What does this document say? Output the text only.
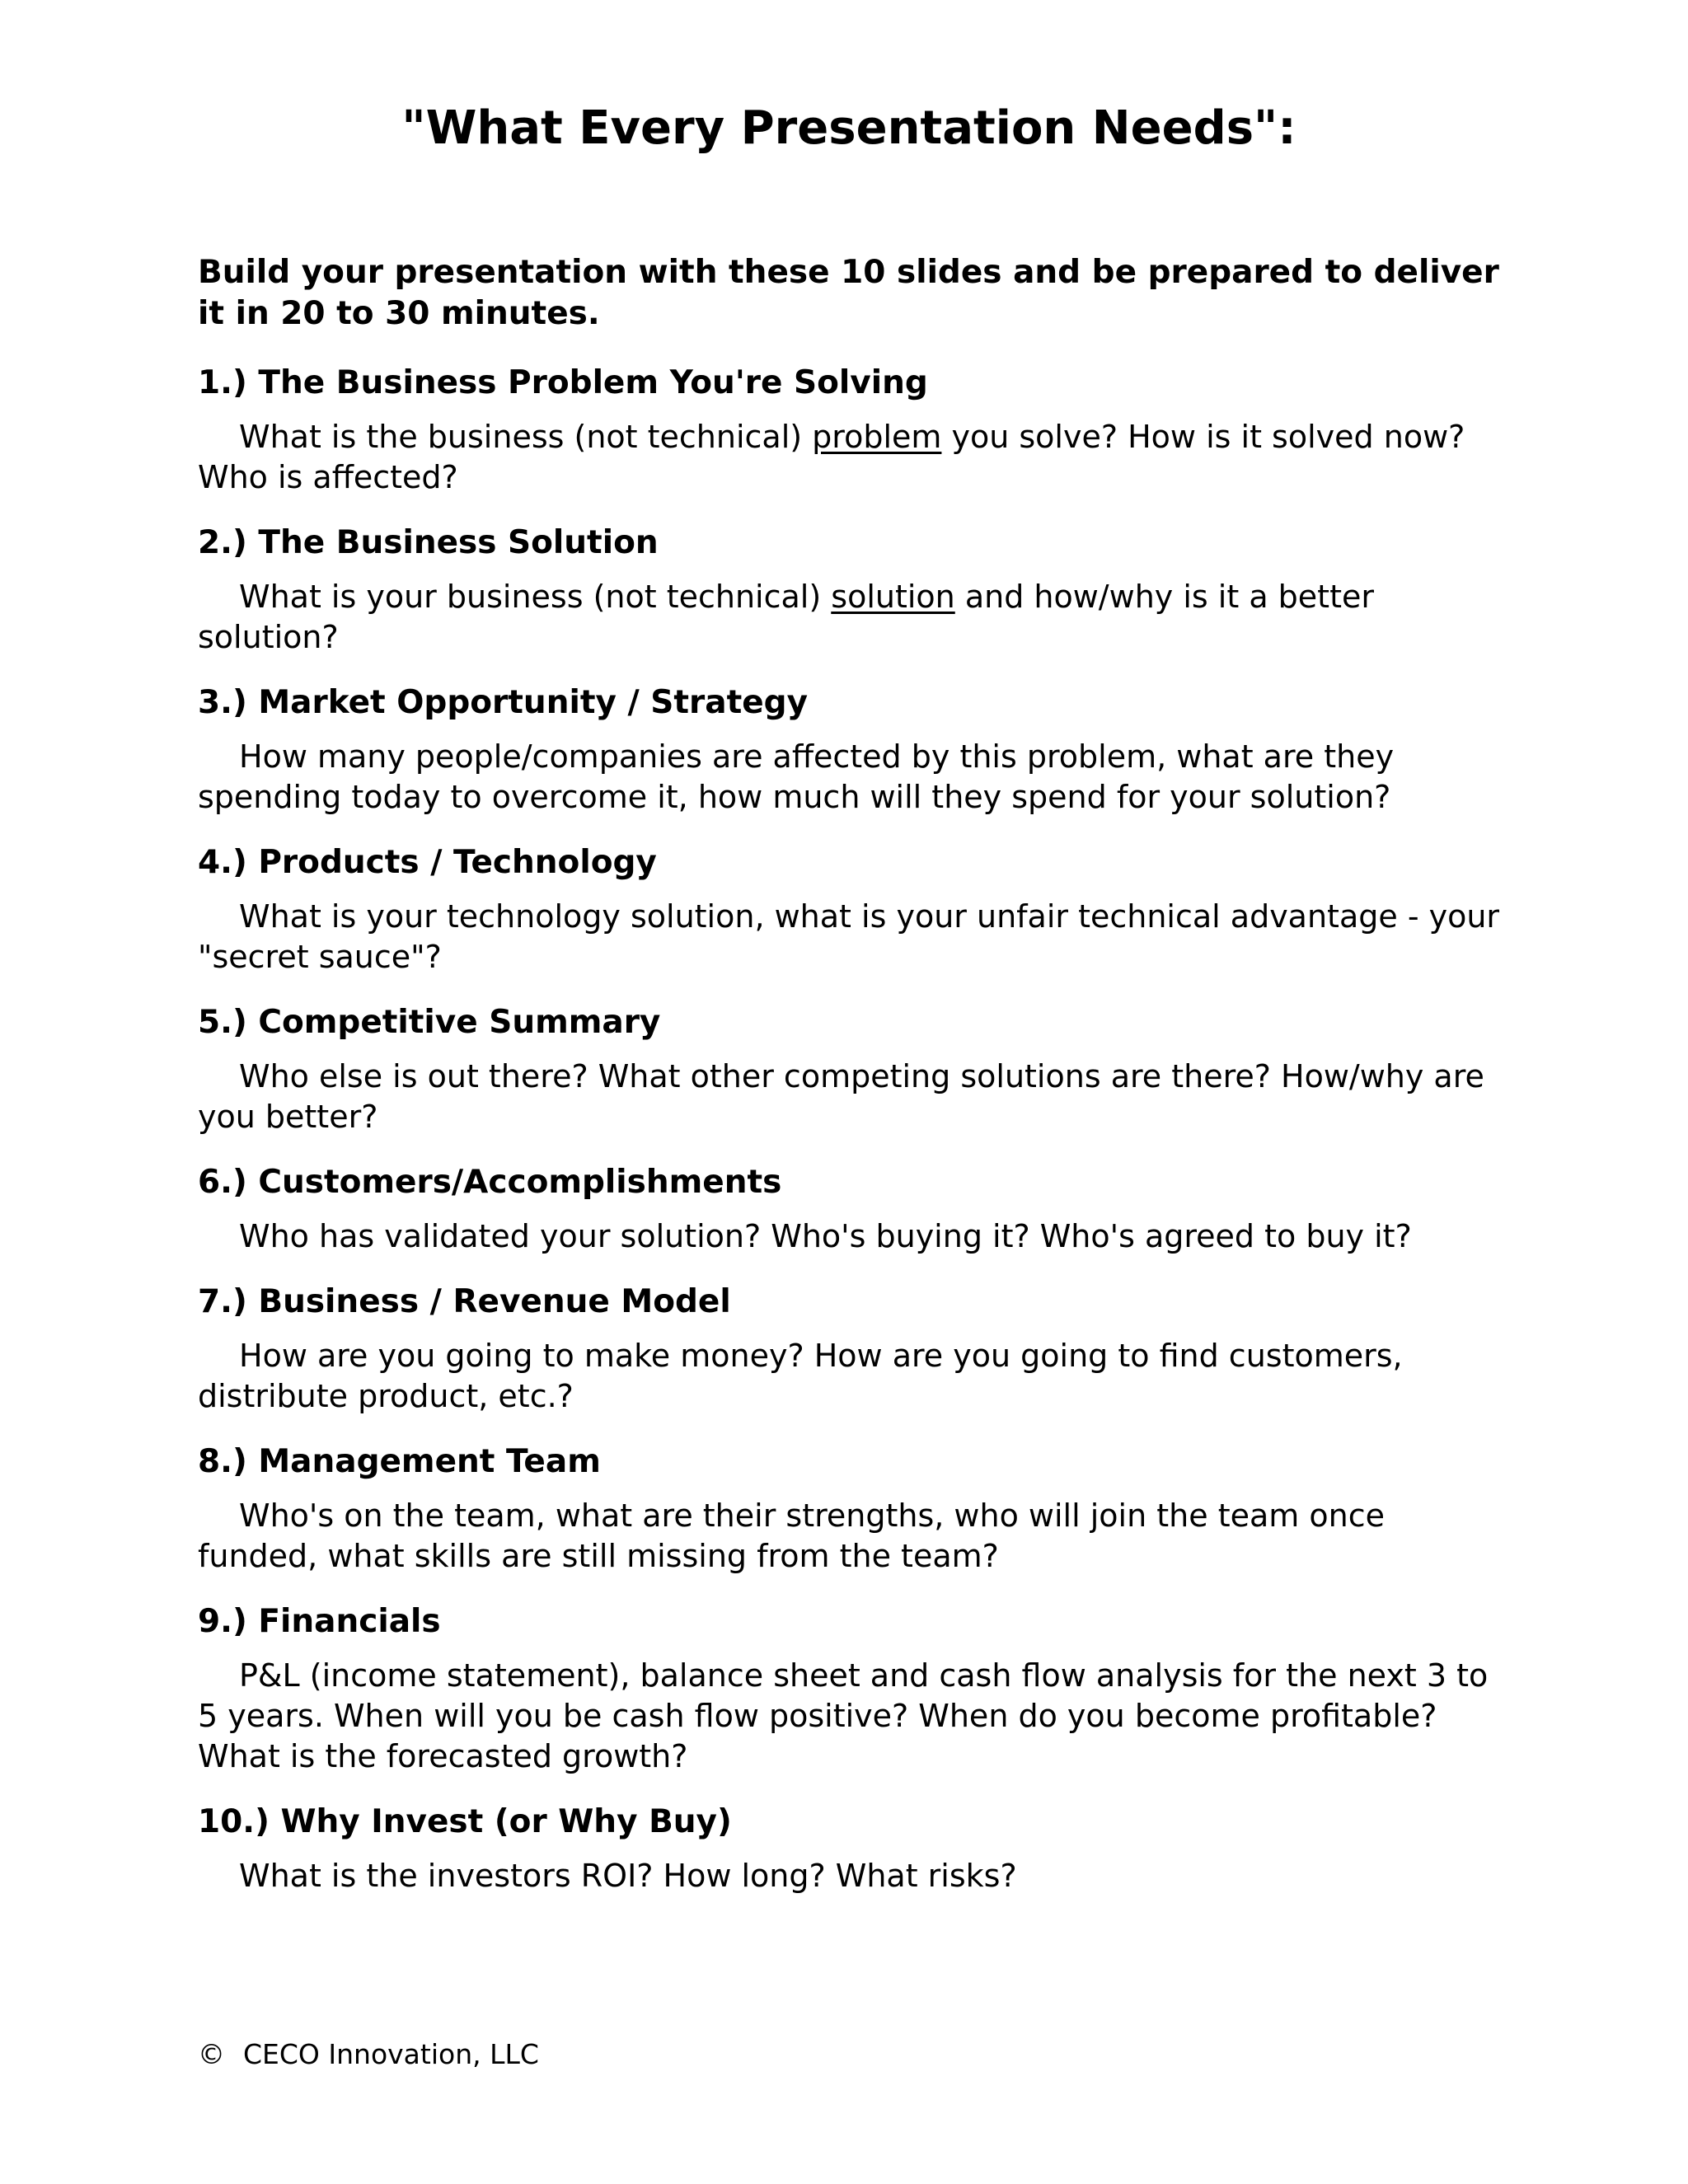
"What Every Presentation Needs":

Build your presentation with these 10 slides and be prepared to deliver it in 20 to 30 minutes.

1.) The Business Problem You're Solving

What is the business (not technical) problem you solve? How is it solved now? Who is affected?

2.) The Business Solution

What is your business (not technical) solution and how/why is it a better solution?

3.) Market Opportunity / Strategy

How many people/companies are affected by this problem, what are they spending today to overcome it, how much will they spend for your solution?

4.) Products / Technology

What is your technology solution, what is your unfair technical advantage - your "secret sauce"?

5.) Competitive Summary

Who else is out there? What other competing solutions are there? How/why are you better?

6.) Customers/Accomplishments

Who has validated your solution? Who's buying it? Who's agreed to buy it?

7.) Business / Revenue Model

How are you going to make money? How are you going to find customers, distribute product, etc.?

8.) Management Team

Who's on the team, what are their strengths, who will join the team once funded, what skills are still missing from the team?

9.) Financials

P&L (income statement), balance sheet and cash flow analysis for the next 3 to 5 years. When will you be cash flow positive? When do you become profitable? What is the forecasted growth?

10.) Why Invest (or Why Buy)

What is the investors ROI? How long? What risks?

© CECO Innovation, LLC
